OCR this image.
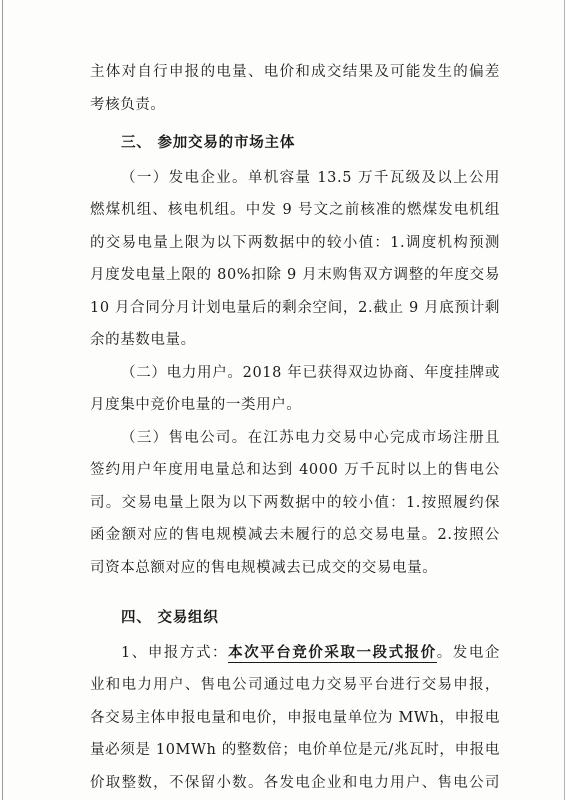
主体对自行申报的电量、电价和成交结果及可能发生的偏差
考核负责。
三、 参加交易的市场主体
（一）发电企业。单机容量 13.5 万千瓦级及以上公用
燃煤机组、核电机组。中发 9 号文之前核准的燃煤发电机组
的交易电量上限为以下两数据中的较小值：1.调度机构预测
月度发电量上限的 80%扣除 9 月末购售双方调整的年度交易
10 月合同分月计划电量后的剩余空间，2.截止 9 月底预计剩
余的基数电量。
（二）电力用户。2018 年已获得双边协商、年度挂牌或
月度集中竞价电量的一类用户。
（三）售电公司。在江苏电力交易中心完成市场注册且
签约用户年度用电量总和达到 4000 万千瓦时以上的售电公
司。交易电量上限为以下两数据中的较小值：1.按照履约保
函金额对应的售电规模减去未履行的总交易电量。2.按照公
司资本总额对应的售电规模减去已成交的交易电量。
四、 交易组织
1、申报方式：本次平台竞价采取一段式报价。发电企
业和电力用户、售电公司通过电力交易平台进行交易申报，
各交易主体申报电量和电价，申报电量单位为 MWh，申报电
量必须是 10MWh 的整数倍；电价单位是元/兆瓦时，申报电
价取整数，不保留小数。各发电企业和电力用户、售电公司
